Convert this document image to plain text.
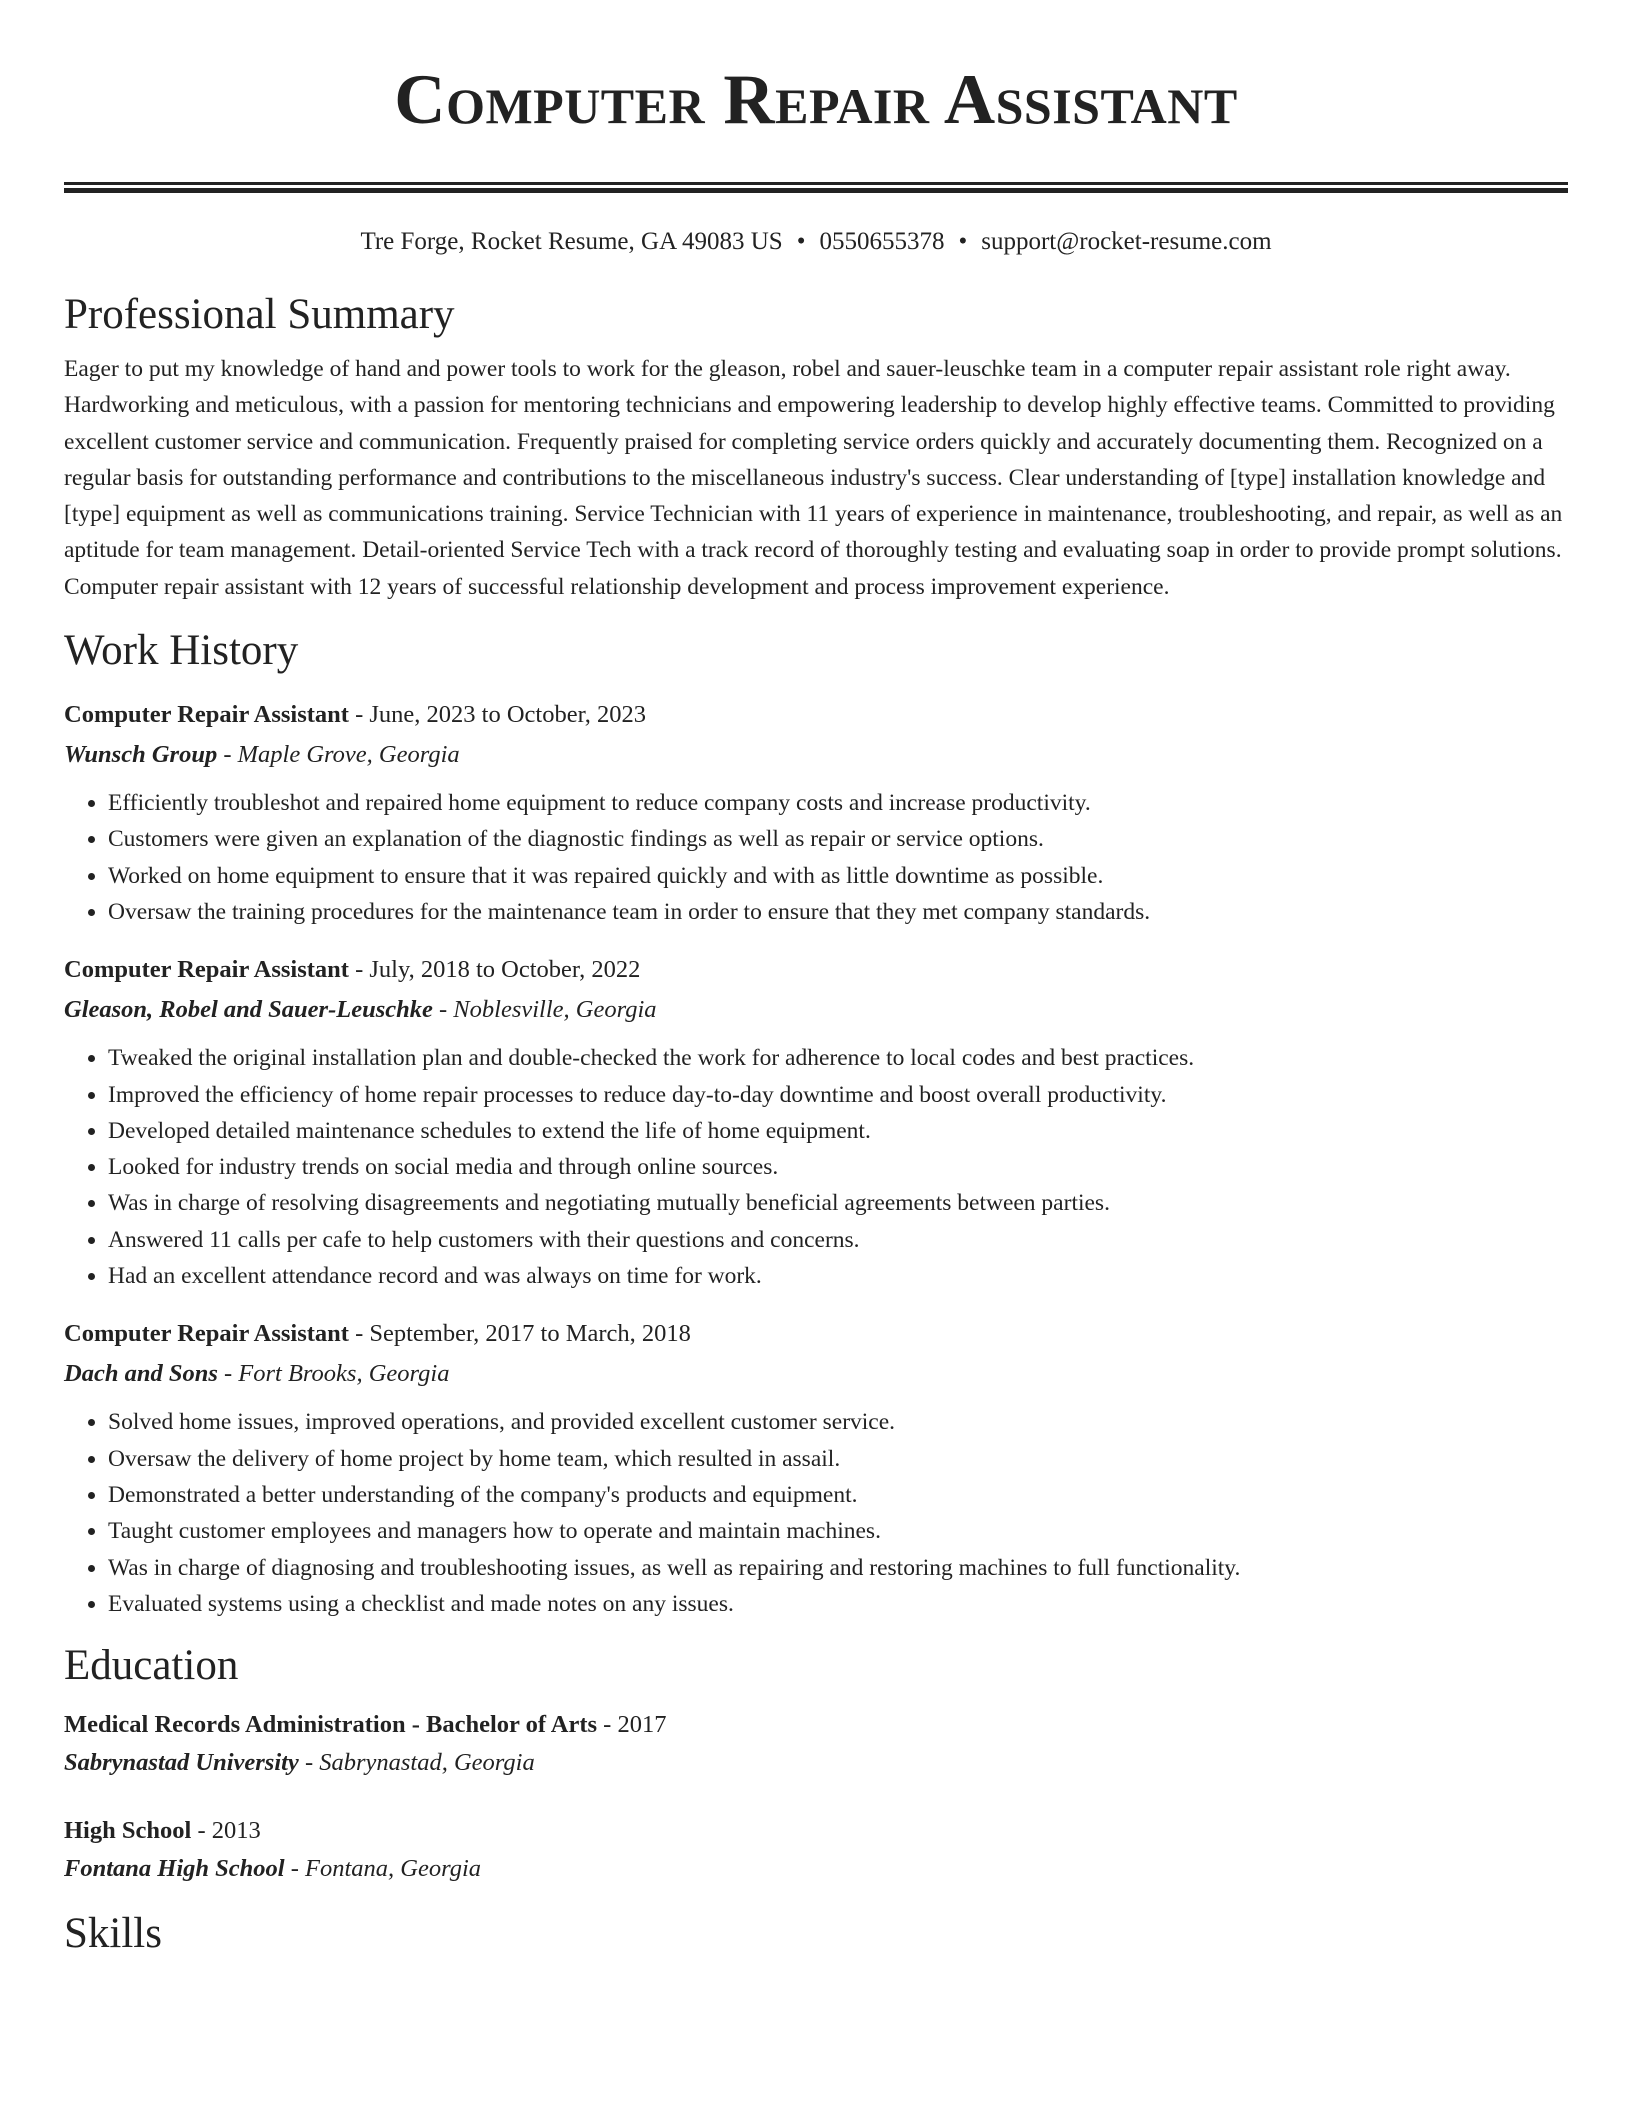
Computer Repair Assistant
Tre Forge, Rocket Resume, GA 49083 US • 0550655378 • support@rocket-resume.com
Professional Summary

Eager to put my knowledge of hand and power tools to work for the gleason, robel and sauer-leuschke team in a computer repair assistant role right away. Hardworking and meticulous, with a passion for mentoring technicians and empowering leadership to develop highly effective teams. Committed to providing excellent customer service and communication. Frequently praised for completing service orders quickly and accurately documenting them. Recognized on a regular basis for outstanding performance and contributions to the miscellaneous industry's success. Clear understanding of [type] installation knowledge and [type] equipment as well as communications training. Service Technician with 11 years of experience in maintenance, troubleshooting, and repair, as well as an aptitude for team management. Detail-oriented Service Tech with a track record of thoroughly testing and evaluating soap in order to provide prompt solutions. Computer repair assistant with 12 years of successful relationship development and process improvement experience.

Work History
Computer Repair Assistant - June, 2023 to October, 2023
Wunsch Group - Maple Grove, Georgia
• Efficiently troubleshot and repaired home equipment to reduce company costs and increase productivity.
• Customers were given an explanation of the diagnostic findings as well as repair or service options.
• Worked on home equipment to ensure that it was repaired quickly and with as little downtime as possible.
• Oversaw the training procedures for the maintenance team in order to ensure that they met company standards.
Computer Repair Assistant - July, 2018 to October, 2022
Gleason, Robel and Sauer-Leuschke - Noblesville, Georgia
• Tweaked the original installation plan and double-checked the work for adherence to local codes and best practices.
• Improved the efficiency of home repair processes to reduce day-to-day downtime and boost overall productivity.
• Developed detailed maintenance schedules to extend the life of home equipment.
• Looked for industry trends on social media and through online sources.
• Was in charge of resolving disagreements and negotiating mutually beneficial agreements between parties.
• Answered 11 calls per cafe to help customers with their questions and concerns.
• Had an excellent attendance record and was always on time for work.
Computer Repair Assistant - September, 2017 to March, 2018
Dach and Sons - Fort Brooks, Georgia
• Solved home issues, improved operations, and provided excellent customer service.
• Oversaw the delivery of home project by home team, which resulted in assail.
• Demonstrated a better understanding of the company's products and equipment.
• Taught customer employees and managers how to operate and maintain machines.
• Was in charge of diagnosing and troubleshooting issues, as well as repairing and restoring machines to full functionality.
• Evaluated systems using a checklist and made notes on any issues.
Education
Medical Records Administration - Bachelor of Arts - 2017
Sabrynastad University - Sabrynastad, Georgia
High School - 2013
Fontana High School - Fontana, Georgia
Skills
